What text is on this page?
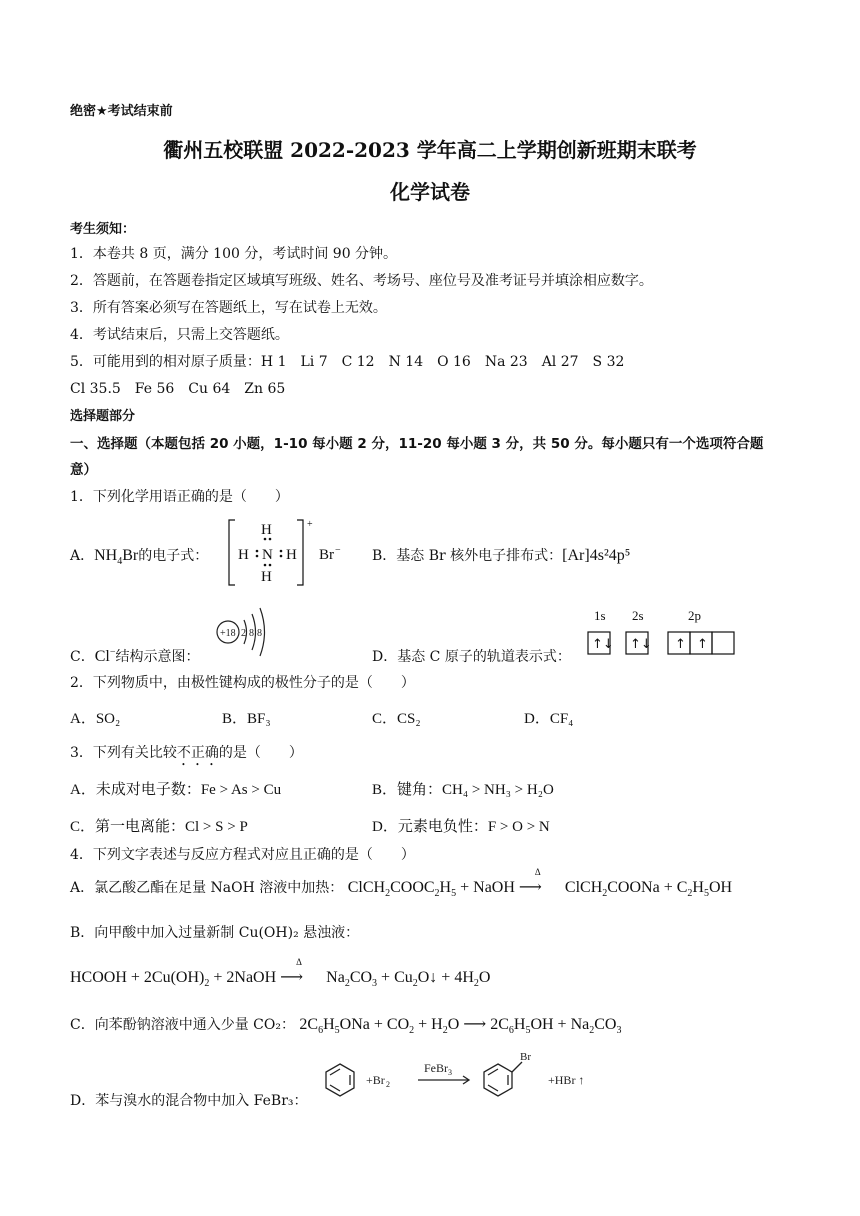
绝密★考试结束前
衢州五校联盟 2022-2023 学年高二上学期创新班期末联考
化学试卷
考生须知：
1．本卷共 8 页，满分 100 分，考试时间 90 分钟。
2．答题前，在答题卷指定区域填写班级、姓名、考场号、座位号及准考证号并填涂相应数字。
3．所有答案必须写在答题纸上，写在试卷上无效。
4．考试结束后，只需上交答题纸。
5．可能用到的相对原子质量：H 1　Li 7　C 12　N 14　O 16　Na 23　Al 27　S 32
Cl 35.5　Fe 56　Cu 64　Zn 65
选择题部分
一、选择题（本题包括 20 小题，1-10 每小题 2 分，11-20 每小题 3 分，共 50 分。每小题只有一个选项符合题
意）
1．下列化学用语正确的是（　　）
A．$NH_4Br$的电子式：
+
H
H N H
H
Br − B．基态 Br 核外电子排布式：[Ar]4s²4p⁵
C．Cl−结构示意图：
+18 2 8 8
D．基态 C 原子的轨道表示式：
1s 2s	2p
↑↓ ↑↓ ↑ ↑
2．下列物质中，由极性键构成的极性分子的是（　　）
A．SO₂	B．BF₃	C．CS₂	D．CF₄
3．下列有关比较不正确的是（　　）
A．未成对电子数：Fe > As > Cu	B．键角：CH₄ > NH₃ > H₂O
C．第一电离能：Cl > S > P	D．元素电负性：F > O > N
4．下列文字表述与反应方程式对应且正确的是（　　）
A．氯乙酸乙酯在足量 NaOH 溶液中加热： $ClCH_2COOC_2H_5$ + NaOH
Δ
⟶ ClCH$_2$COONa + $C_2H_5OH$
B．向甲酸中加入过量新制 Cu(OH)₂ 悬浊液：
HCOOH + $2Cu(OH)_2$ + 2NaOH
Δ
⟶ $Na_2CO_3$ + $Cu_2O↓ + 4H_2O$
C．向苯酚钠溶液中通入少量 CO₂： $2C_6H_5ONa + CO_2 + H_2O$ ⟶ $2C_6H_5OH + Na_2CO_3$
D．苯与溴水的混合物中加入 FeBr₃：
+Br 2
FeBr 3
Br
+HBr ↑
